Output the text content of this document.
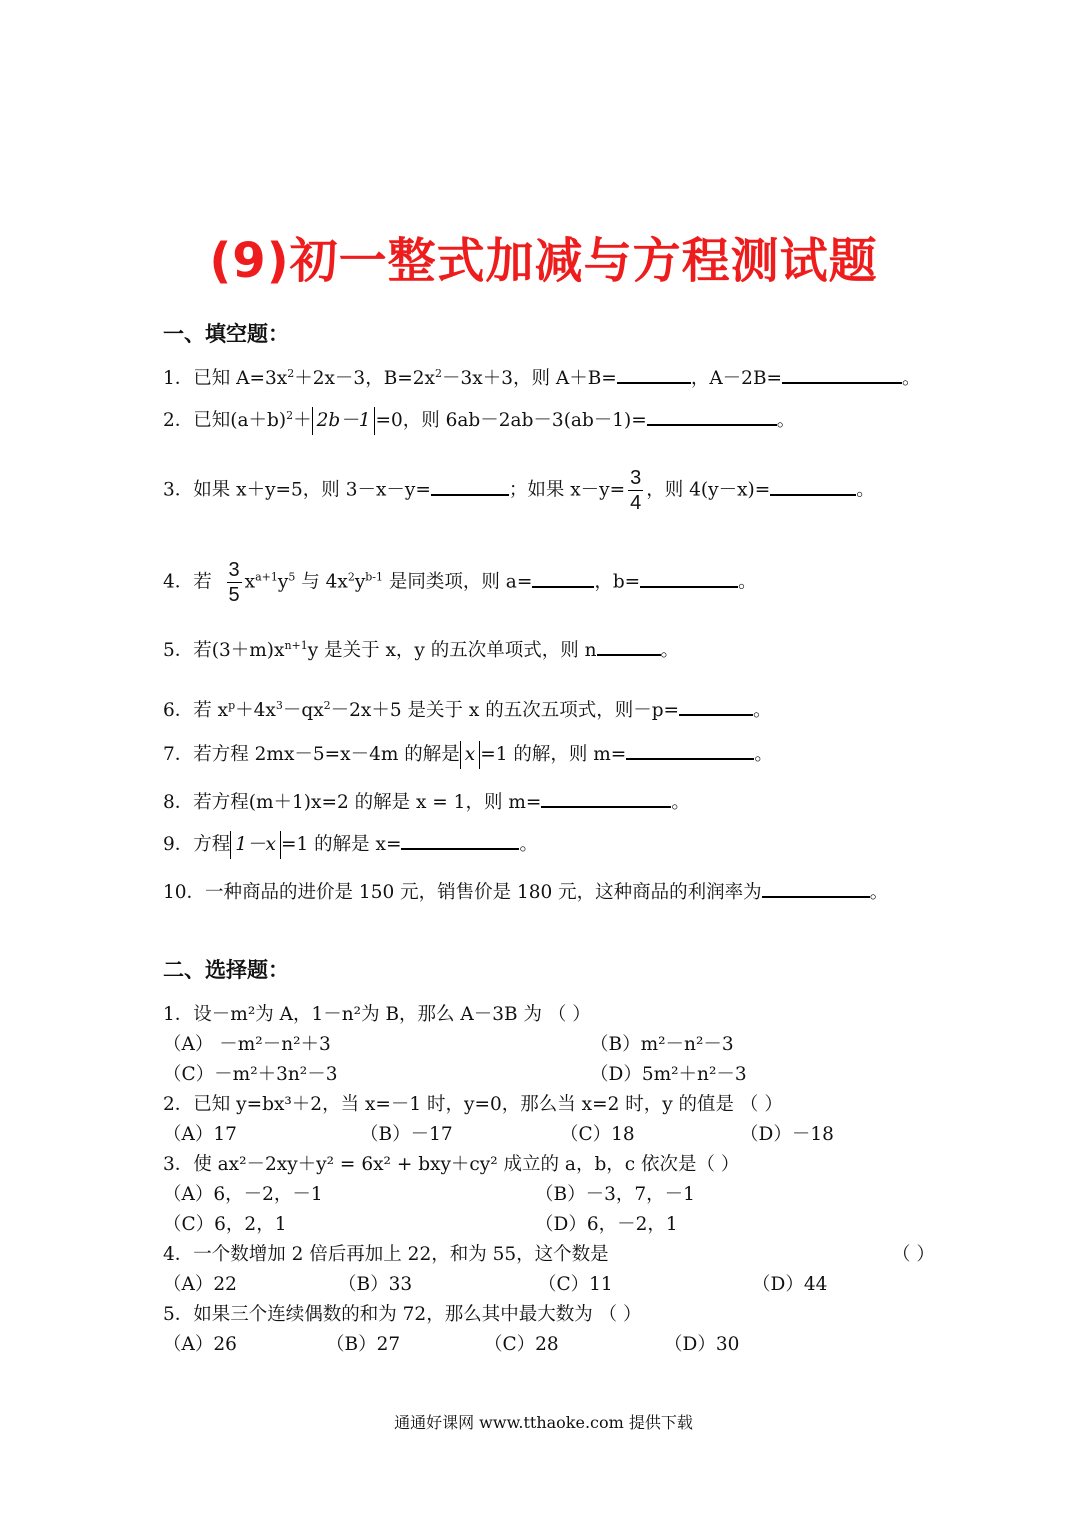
(9)初一整式加减与方程测试题
一、填空题：
1．已知 $A=3x^2+2x-3$，$B=2x^2-3x+3$，则 A＋B=	，A－2B=	。
2．已知$(a+b)^2+ 2b-1 =0$，则 6ab－2ab－3(ab－1)=	。
3．如果 x＋y=5，则 3－x－y=	；如果 $x-y= \frac{3}{4}$ ，则 4(y－x)=	。
4．若 $\frac{3}{5} x^{a+1}y^5$ 与 $4x^2y^{b-1}$ 是同类项，则 a=	，b=	。
5．若$(3+m)x^{n+1}y$ 是关于 x，y 的五次单项式，则 n	。
6．若 $x^p+4x^3-qx^2-2x+5$ 是关于 x 的五次五项式，则－p=	。
7．若方程 2mx－5=x－4m 的解是 x =1 的解，则 m=	。
8．若方程(m＋1)x=2 的解是 x = 1，则 m=	。
9．方程 1－x =1 的解是 x=	。
10．一种商品的进价是 150 元，销售价是 180 元，这种商品的利润率为	。
二、选择题：
1．设－m²为 A，1－n²为 B，那么 A－3B 为 （ ）
（A） －m²－n²＋3	（B）m²－n²－3
（C）－m²＋3n²－3	（D）5m²＋n²－3
2．已知 y=bx³＋2，当 x=－1 时，y=0，那么当 x=2 时，y 的值是 （ ）
（A）17	（B）－17	（C）18	（D）－18
3．使 ax²－2xy＋y² = 6x² + bxy＋cy² 成立的 a，b，c 依次是（ ）
（A）6，－2，－1	（B）－3，7，－1
（C）6，2，1	（D）6，－2，1
4．一个数增加 2 倍后再加上 22，和为 55，这个数是	（ ）
（A）22	（B）33	（C）11	（D）44
5．如果三个连续偶数的和为 72，那么其中最大数为 （ ）
（A）26	（B）27	（C）28	（D）30
通通好课网 www.tthaoke.com 提供下载
